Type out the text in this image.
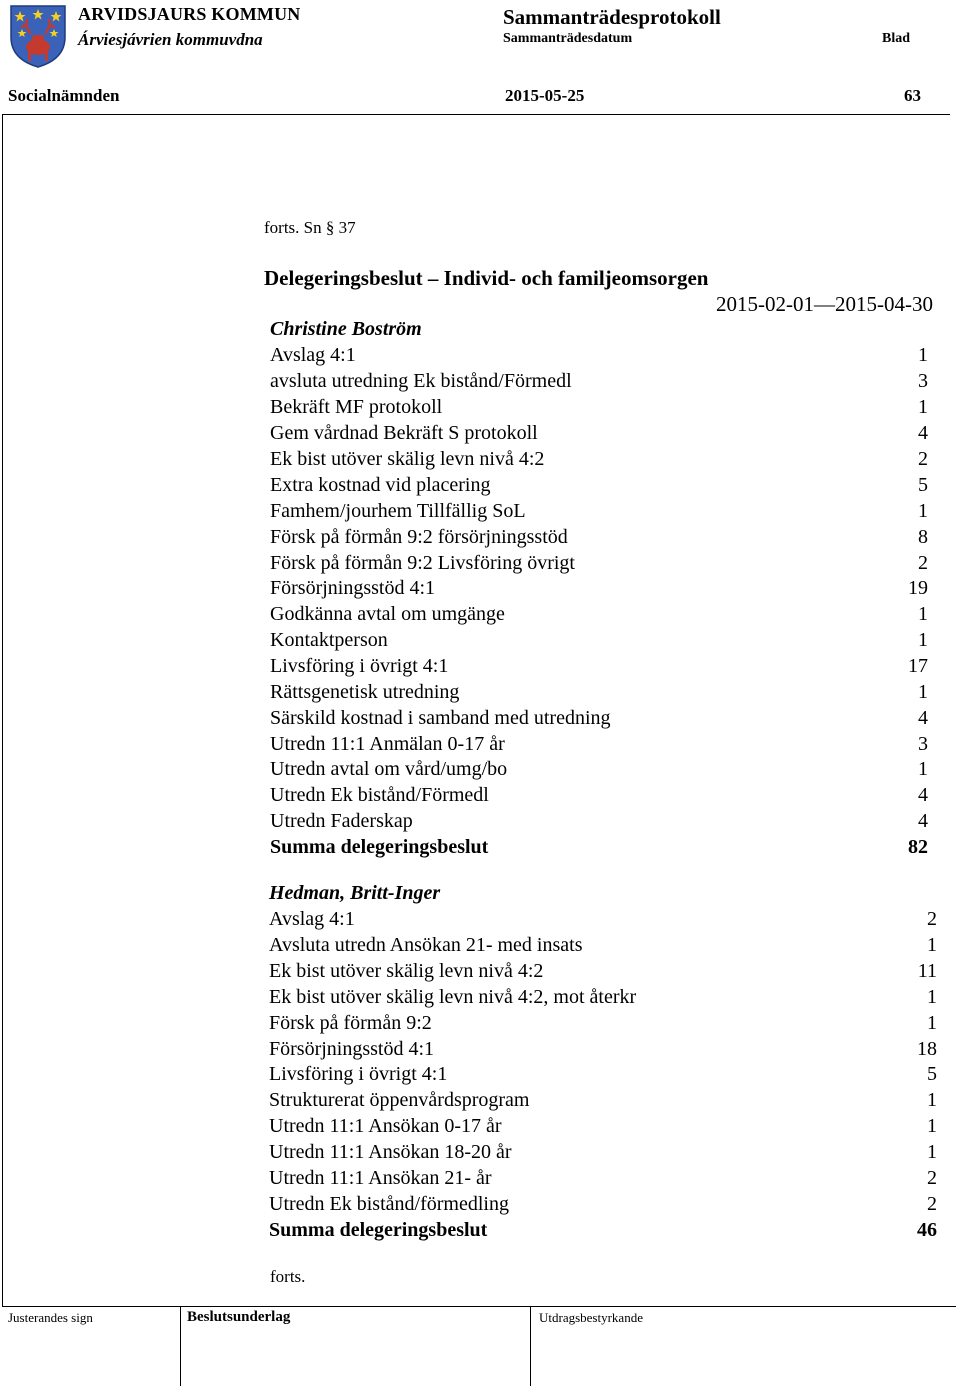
ARVIDSJAURS KOMMUN
Árviesjávrien kommuvdna
Sammanträdesprotokoll
Sammanträdesdatum	Blad
Socialnämnden	2015-05-25	63
forts. Sn § 37
Delegeringsbeslut – Individ- och familjeomsorgen
2015-02-01—2015-04-30
Christine Boström
Avslag 4:1	1
avsluta utredning Ek bistånd/Förmedl	3
Bekräft MF protokoll	1
Gem vårdnad Bekräft S protokoll	4
Ek bist utöver skälig levn nivå 4:2	2
Extra kostnad vid placering	5
Famhem/jourhem Tillfällig SoL	1
Försk på förmån 9:2 försörjningsstöd	8
Försk på förmån 9:2 Livsföring övrigt	2
Försörjningsstöd 4:1	19
Godkänna avtal om umgänge	1
Kontaktperson	1
Livsföring i övrigt 4:1	17
Rättsgenetisk utredning	1
Särskild kostnad i samband med utredning	4
Utredn 11:1 Anmälan 0-17 år	3
Utredn avtal om vård/umg/bo	1
Utredn Ek bistånd/Förmedl	4
Utredn Faderskap	4
Summa delegeringsbeslut	82
Hedman, Britt-Inger
Avslag 4:1	2
Avsluta utredn Ansökan 21- med insats	1
Ek bist utöver skälig levn nivå 4:2	11
Ek bist utöver skälig levn nivå 4:2, mot återkr	1
Försk på förmån 9:2	1
Försörjningsstöd 4:1	18
Livsföring i övrigt 4:1	5
Strukturerat öppenvårdsprogram	1
Utredn 11:1 Ansökan 0-17 år	1
Utredn 11:1 Ansökan 18-20 år	1
Utredn 11:1 Ansökan 21- år	2
Utredn Ek bistånd/förmedling	2
Summa delegeringsbeslut	46
forts.
Justerandes sign	Beslutsunderlag	Utdragsbestyrkande
